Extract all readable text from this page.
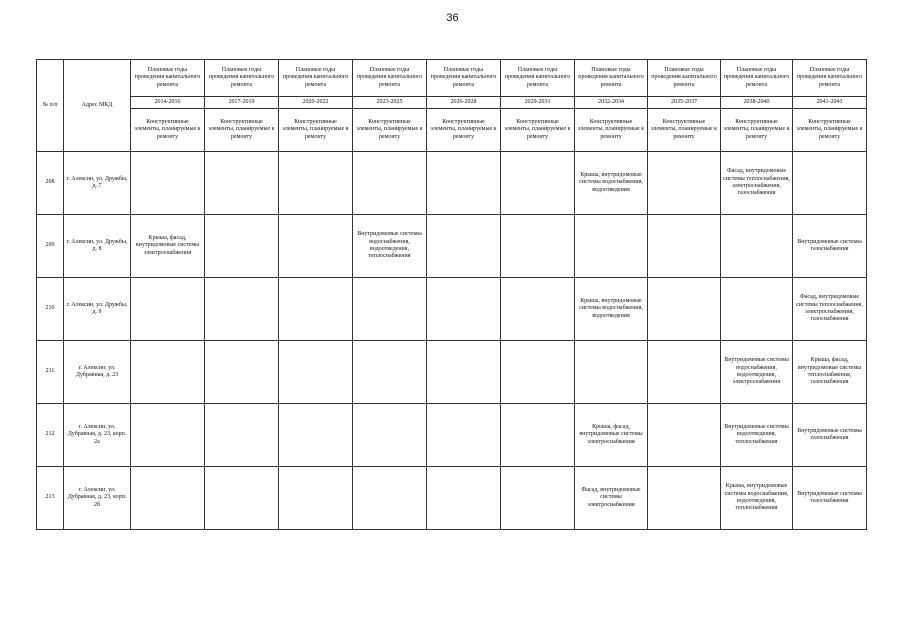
36
№ п/п	Адрес МКД	Плановые годы проведения капитального ремонта	Плановые годы проведения капитального ремонта	Плановые годы проведения капитального ремонта	Плановые годы проведения капитального ремонта	Плановые годы проведения капитального ремонта	Плановые годы проведения капитального ремонта	Плановые годы проведения капитального ремонта	Плановые годы проведения капитального ремонта	Плановые годы проведения капитального ремонта	Плановые годы проведения капитального ремонта
		2014-2016	2017-2019	2020-2022	2023-2025	2026-2028	2029-2031	2032-2034	2035-2037	2038-2040	2041-2043
		Конструктивные элементы, планируемые к ремонту	Конструктивные элементы, планируемые к ремонту	Конструктивные элементы, планируемые к ремонту	Конструктивные элементы, планируемые к ремонту	Конструктивные элементы, планируемые к ремонту	Конструктивные элементы, планируемые к ремонту	Конструктивные элементы, планируемые к ремонту	Конструктивные элементы, планируемые к ремонту	Конструктивные элементы, планируемые к ремонту	Конструктивные элементы, планируемые к ремонту
208	г. Алексин, ул. Дружбы, д. 7							Крыша, внутридомовые системы водоснабжения, водоотведения		Фасад, внутридомовые системы теплоснабжения, электроснабжения, газоснабжения	
209	г. Алексин, ул. Дружбы, д. 8	Крыша, фасад, внутридомовые системы электроснабжения			Внутридомовые системы водоснабжения, водоотведения, теплоснабжения						Внутридомовые системы газоснабжения
210	г. Алексин, ул. Дружбы, д. 9							Крыша, внутридомовые системы водоснабжения, водоотведения			Фасад, внутридомовые системы теплоснабжения, электроснабжения, газоснабжения
211	г. Алексин, ул. Дубравная, д. 23									Внутридомовые системы водоснабжения, водоотведения, электроснабжения	Крыша, фасад, внутридомовые системы теплоснабжения, газоснабжения
212	г. Алексин, ул. Дубравная, д. 23, корп. 2а							Крыша, фасад, внутридомовые системы электроснабжения		Внутридомовые системы водоотведения, теплоснабжения	Внутридомовые системы газоснабжения
213	г. Алексин, ул. Дубравная, д. 23, корп. 2б							Фасад, внутридомовые системы электроснабжения		Крыша, внутридомовые системы водоснабжения, водоотведения, теплоснабжения	Внутридомовые системы газоснабжения
